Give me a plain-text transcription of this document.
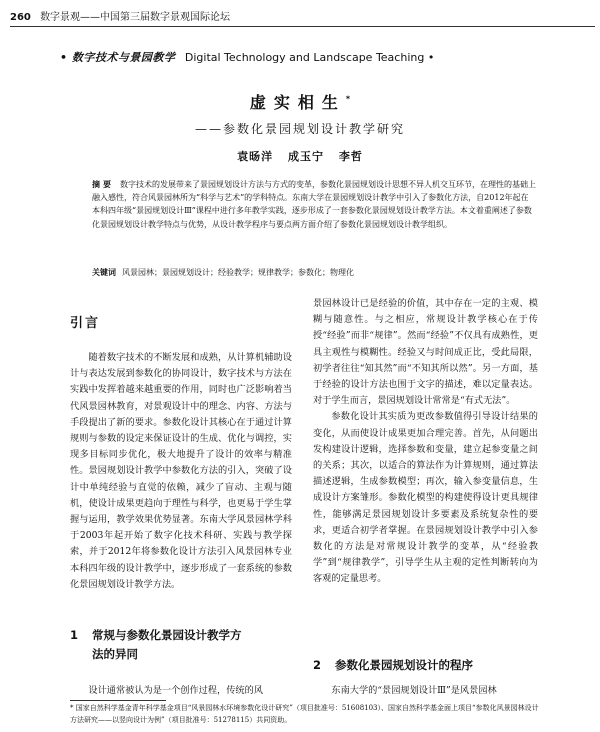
260 数字景观——中国第三届数字景观国际论坛
• 数字技术与景园教学 Digital Technology and Landscape Teaching •
虚实相生*
——参数化景园规划设计教学研究
袁旸洋 成玉宁 李哲
摘要 数字技术的发展带来了景园规划设计方法与方式的变革，参数化景园规划设计思想不异人机交互环节，在理性的基础上融入感性，符合风景园林所为“科学与艺术”的学科特点。东南大学在景园规划设计教学中引入了参数化方法，自2012年起在本科四年级“景园规划设计Ⅲ”课程中进行多年教学实践，逐步形成了一套参数化景园规划设计教学方法。本文着重阐述了参数化景园规划设计教学特点与优势，从设计教学程序与要点两方面介绍了参数化景园规划设计教学组织。
关键词 风景园林；景园规划设计；经验教学；规律教学；参数化；物理化
引言

随着数字技术的不断发展和成熟，从计算机辅助设计与表达发展到参数化的协同设计，数字技术与方法在实践中发挥着越来越重要的作用，同时也广泛影响着当代风景园林教育，对景观设计中的理念、内容、方法与手段提出了新的要求。参数化设计其核心在于通过计算规则与参数的设定来保证设计的生成、优化与调控，实现多目标同步优化，极大地提升了设计的效率与精准性。景园规划设计教学中参数化方法的引入，突破了设计中单纯经验与直觉的依赖，减少了盲动、主观与随机，使设计成果更趋向于理性与科学，也更易于学生掌握与运用，教学效果优势显著。东南大学风景园林学科于2003年起开始了数字化技术科研、实践与教学探索，并于2012年将参数化设计方法引入风景园林专业本科四年级的设计教学中，逐步形成了一套系统的参数化景园规划设计教学方法。

景园林设计已是经验的价值，其中存在一定的主观、模糊与随意性。与之相应，常规设计教学核心在于传授“经验”而非“规律”。然而“经验”不仅具有成熟性，更具主观性与模糊性。经验又与时间成正比，受此局限，初学者往往“知其然”而“不知其所以然”。另一方面，基于经验的设计方法也围于文字的描述，难以定量表达。对于学生而言，景园规划设计常常是“有式无法”。

参数化设计其实质为更改参数值得引导设计结果的变化，从而使设计成果更加合理完善。首先，从问题出发构建设计逻辑，选择参数和变量，建立起参变量之间的关系；其次，以适合的算法作为计算规则，通过算法描述逻辑，生成参数模型；再次，输入参变量信息，生成设计方案雏形。参数化模型的构建使得设计更具规律性，能够满足景园规划设计多要素及系统复杂性的要求，更适合初学者掌握。在景园规划设计教学中引入参数化的方法是对常规设计教学的变革，从“经验教学”到“规律教学”，引导学生从主观的定性判断转向为客观的定量思考。

1 常规与参数化景园设计教学方
法的异同
2 参数化景园规划设计的程序
设计通常被认为是一个创作过程，传统的风	东南大学的“景园规划设计Ⅲ”是风景园林
* 国家自然科学基金青年科学基金项目“风景园林水环境参数化设计研究”（项目批准号：51608103）、国家自然科学基金面上项目“参数化风景园林设计方法研究——以竖向设计为例”（项目批准号：51278115）共同资助。
